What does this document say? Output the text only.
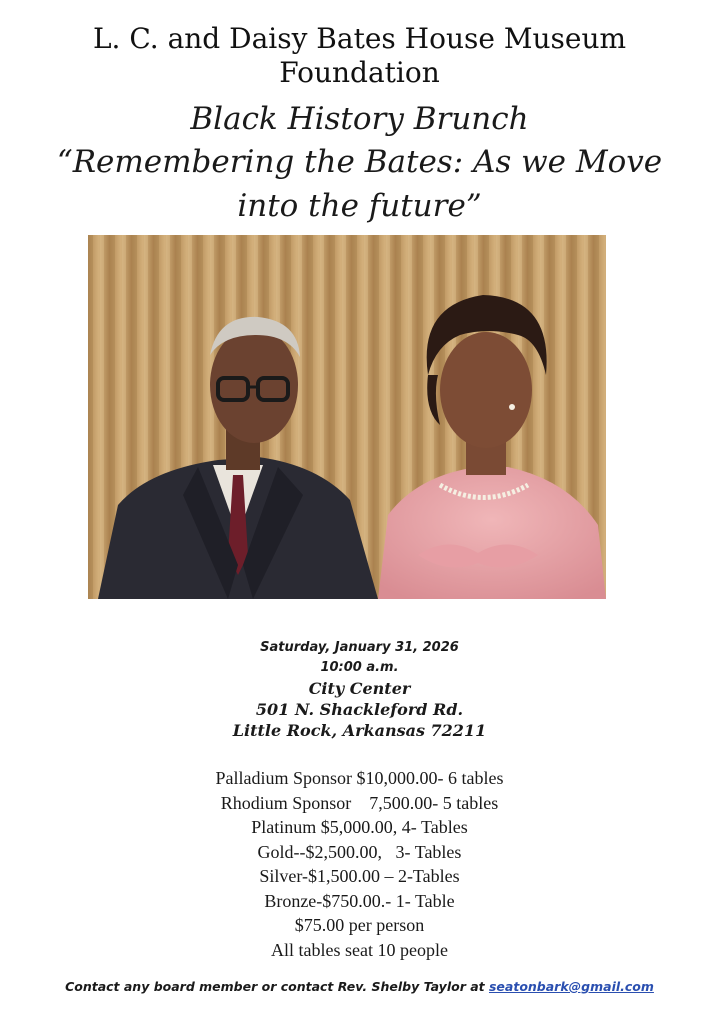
L. C. and Daisy Bates House Museum

Foundation

Black History Brunch

“Remembering the Bates: As we Move

into the future”

Saturday, January 31, 2026
10:00 a.m.
City Center
501 N. Shackleford Rd.
Little Rock, Arkansas 72211
Palladium Sponsor $10,000.00- 6 tables
Rhodium Sponsor    7,500.00- 5 tables
Platinum $5,000.00, 4- Tables
Gold--$2,500.00,   3- Tables
Silver-$1,500.00 – 2-Tables
Bronze-$750.00.- 1- Table
$75.00 per person
All tables seat 10 people
Contact any board member or contact Rev. Shelby Taylor at seatonbark@gmail.com
